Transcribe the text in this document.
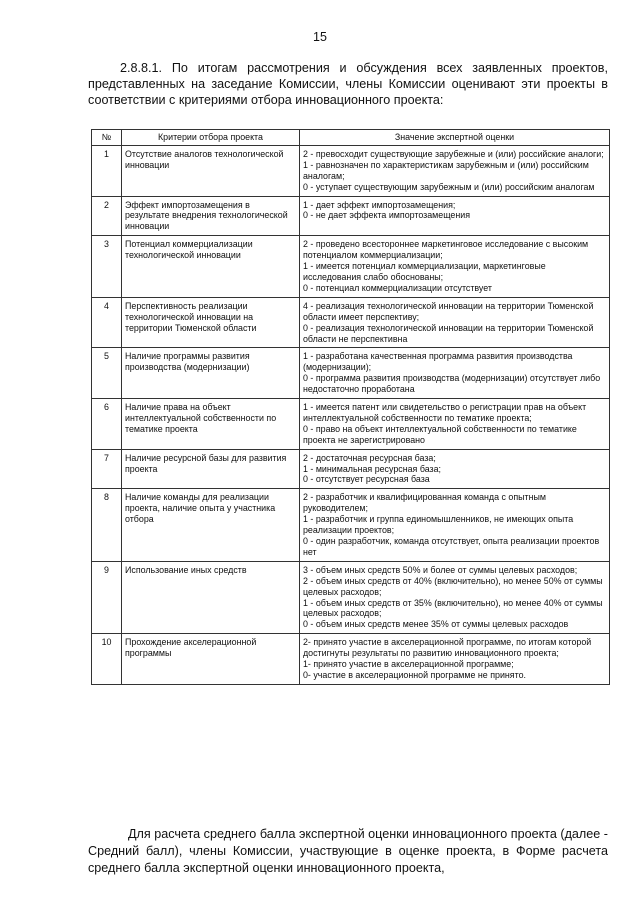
15

2.8.8.1. По итогам рассмотрения и обсуждения всех заявленных проектов, представленных на заседание Комиссии, члены Комиссии оценивают эти проекты в соответствии с критериями отбора инновационного проекта:

№	Критерии отбора проекта	Значение экспертной оценки
1	Отсутствие аналогов технологической инновации	2 - превосходит существующие зарубежные и (или) российские аналоги;
1 - равнозначен по характеристикам зарубежным и (или) российским аналогам;
0 - уступает существующим зарубежным и (или) российским аналогам

2	Эффект импортозамещения в результате внедрения технологической инновации	1 - дает эффект импортозамещения;
0 - не дает эффекта импортозамещения

3	Потенциал коммерциализации технологической инновации	2 - проведено всестороннее маркетинговое исследование с высоким потенциалом коммерциализации;
1 - имеется потенциал коммерциализации, маркетинговые исследования слабо обоснованы;
0 - потенциал коммерциализации отсутствует

4	Перспективность реализации технологической инновации на территории Тюменской области	4 - реализация технологической инновации на территории Тюменской области имеет перспективу;
0 - реализация технологической инновации на территории Тюменской области не перспективна

5	Наличие программы развития производства (модернизации)	1 - разработана качественная программа развития производства (модернизации);
0 - программа развития производства (модернизации) отсутствует либо недостаточно проработана

6	Наличие права на объект интеллектуальной собственности по тематике проекта	1 - имеется патент или свидетельство о регистрации прав на объект интеллектуальной собственности по тематике проекта;
0 - право на объект интеллектуальной собственности по тематике проекта не зарегистрировано

7	Наличие ресурсной базы для развития проекта	2 - достаточная ресурсная база;
1 - минимальная ресурсная база;
0 - отсутствует ресурсная база

8	Наличие команды для реализации проекта, наличие опыта у участника отбора	2 - разработчик и квалифицированная команда с опытным руководителем;
1 - разработчик и группа единомышленников, не имеющих опыта реализации проектов;
0 - один разработчик, команда отсутствует, опыта реализации проектов нет

9	Использование иных средств	3 - объем иных средств 50% и более от суммы целевых расходов;
2 - объем иных средств от 40% (включительно), но менее 50% от суммы целевых расходов;
1 - объем иных средств от 35% (включительно), но менее 40% от суммы целевых расходов;
0 - объем иных средств менее 35% от суммы целевых расходов

10	Прохождение акселерационной программы	2- принято участие в акселерационной программе, по итогам которой достигнуты результаты по развитию инновационного проекта;
1- принято участие в акселерационной программе;
0- участие в акселерационной программе не принято.

Для расчета среднего балла экспертной оценки инновационного проекта (далее - Средний балл), члены Комиссии, участвующие в оценке проекта, в Форме расчета среднего балла экспертной оценки инновационного проекта,
